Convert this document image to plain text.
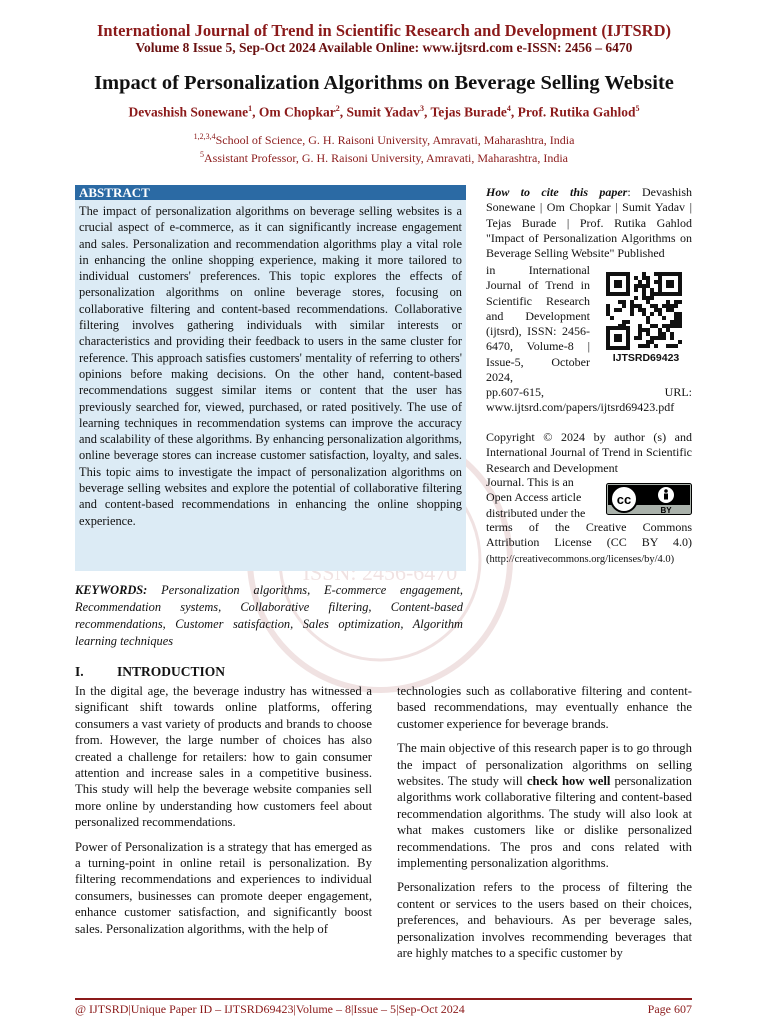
ISSN: 2456-6470
International Journal of Trend in Scientific Research and Development (IJTSRD)
Volume 8 Issue 5, Sep-Oct 2024 Available Online: www.ijtsrd.com e-ISSN: 2456 – 6470
Impact of Personalization Algorithms on Beverage Selling Website
Devashish Sonewane$^1$, Om Chopkar$^2$, Sumit Yadav$^3$, Tejas Burade$^4$, Prof. Rutika Gahlod$^5$
$^{1,2,3,4}$School of Science, G. H. Raisoni University, Amravati, Maharashtra, India
$^5$Assistant Professor, G. H. Raisoni University, Amravati, Maharashtra, India
ABSTRACT
The impact of personalization algorithms on beverage selling websites is a crucial aspect of e-commerce, as it can significantly increase engagement and sales. Personalization and recommendation algorithms play a vital role in enhancing the online shopping experience, making it more tailored to individual customers' preferences. This topic explores the effects of personalization algorithms on online beverage stores, focusing on collaborative filtering and content-based recommendations. Collaborative filtering involves gathering individuals with similar interests or characteristics and providing their feedback to users in the same cluster for reference. This approach satisfies customers' mentality of referring to others' opinions before making decisions. On the other hand, content-based recommendations suggest similar items or content that the user has previously searched for, viewed, purchased, or rated positively. The use of learning techniques in recommendation systems can improve the accuracy and scalability of these algorithms. By enhancing personalization algorithms, online beverage stores can increase customer satisfaction, loyalty, and sales. This topic aims to investigate the impact of personalization algorithms on beverage selling websites and explore the potential of collaborative filtering and content-based recommendations in enhancing the online shopping experience.
KEYWORDS: Personalization algorithms, E-commerce engagement, Recommendation systems, Collaborative filtering, Content-based recommendations, Customer satisfaction, Sales optimization, Algorithm learning techniques
How to cite this paper: Devashish Sonewane | Om Chopkar | Sumit Yadav | Tejas Burade | Prof. Rutika Gahlod "Impact of Personalization Algorithms on Beverage Selling Website" Published
in International Journal of Trend in Scientific Research and Development (ijtsrd), ISSN: 2456-6470, Volume-8 | Issue-5, October 2024,
IJTSRD69423
pp.607-615, URL: www.ijtsrd.com/papers/ijtsrd69423.pdf
Copyright © 2024 by author (s) and International Journal of Trend in Scientific Research and Development
Journal. This is an Open Access article distributed under the
cc
BY
terms of the Creative Commons Attribution License (CC BY 4.0) (http://creativecommons.org/licenses/by/4.0)
I. INTRODUCTION

In the digital age, the beverage industry has witnessed a significant shift towards online platforms, offering consumers a vast variety of products and brands to choose from. However, the large number of choices has also created a challenge for retailers: how to gain consumer attention and increase sales in a competitive business. This study will help the beverage website companies sell more online by understanding how customers feel about personalized recommendations.

Power of Personalization is a strategy that has emerged as a turning-point in online retail is personalization. By filtering recommendations and experiences to individual consumers, businesses can promote deeper engagement, enhance customer satisfaction, and significantly boost sales. Personalization algorithms, with the help of

technologies such as collaborative filtering and content-based recommendations, may eventually enhance the customer experience for beverage brands.

The main objective of this research paper is to go through the impact of personalization algorithms on selling websites. The study will check how well personalization algorithms work collaborative filtering and content-based recommendation algorithms. The study will also look at what makes customers like or dislike personalized recommendations. The pros and cons related with implementing personalization algorithms.

Personalization refers to the process of filtering the content or services to the users based on their choices, preferences, and behaviours. As per beverage sales, personalization involves recommending beverages that are highly matches to a specific customer by

@ IJTSRD | Unique Paper ID – IJTSRD69423 | Volume – 8 | Issue – 5 | Sep-Oct 2024	Page 607
